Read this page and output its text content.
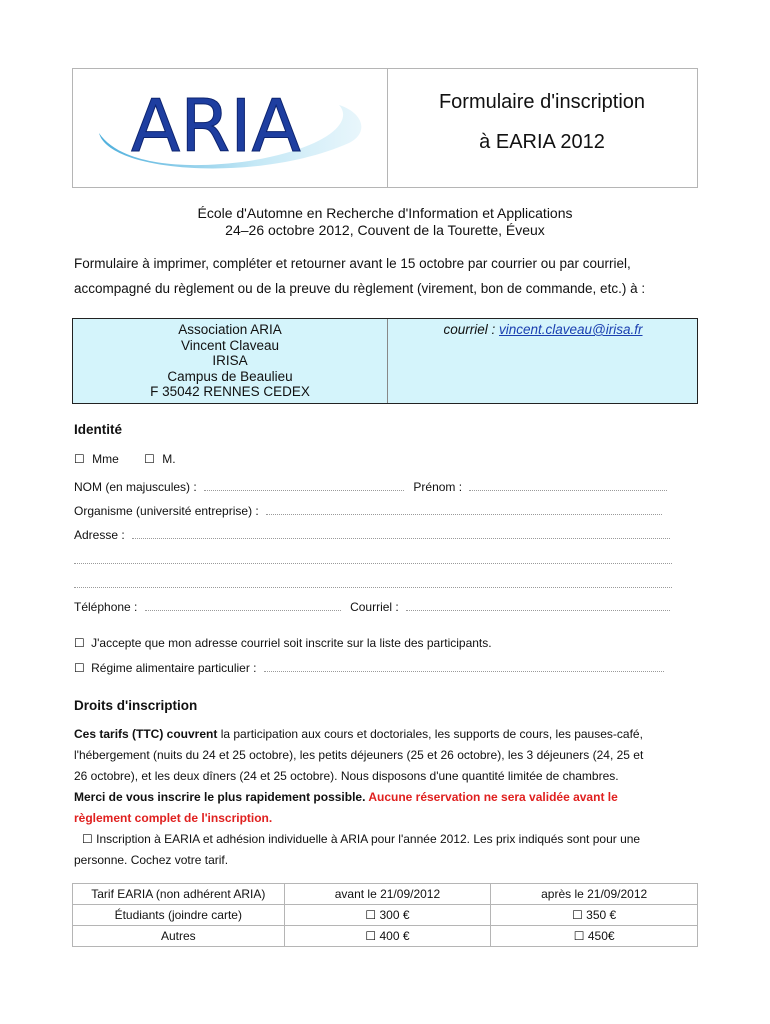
ARIA	Formulaire d'inscription
à EARIA 2012
École d'Automne en Recherche d'Information et Applications
24–26 octobre 2012, Couvent de la Tourette, Éveux
Formulaire à imprimer, compléter et retourner avant le 15 octobre par courrier ou par courriel,
accompagné du règlement ou de la preuve du règlement (virement, bon de commande, etc.) à :
Association ARIA
Vincent Claveau
IRISA
Campus de Beaulieu
F 35042 RENNES CEDEX
courriel : vincent.claveau@irisa.fr
Identité
☐ Mme ☐ M.
NOM (en majuscules) :	Prénom :
Organisme (université entreprise) :
Adresse :
Téléphone :	Courriel :
☐ J'accepte que mon adresse courriel soit inscrite sur la liste des participants.
☐ Régime alimentaire particulier :
Droits d'inscription
Ces tarifs (TTC) couvrent la participation aux cours et doctoriales, les supports de cours, les pauses-café,
l'hébergement (nuits du 24 et 25 octobre), les petits déjeuners (25 et 26 octobre), les 3 déjeuners (24, 25 et
26 octobre), et les deux dîners (24 et 25 octobre). Nous disposons d'une quantité limitée de chambres.
Merci de vous inscrire le plus rapidement possible. Aucune réservation ne sera validée avant le
règlement complet de l'inscription.
☐ Inscription à EARIA et adhésion individuelle à ARIA pour l'année 2012. Les prix indiqués sont pour une
personne. Cochez votre tarif.
Tarif EARIA (non adhérent ARIA)	avant le 21/09/2012	après le 21/09/2012
Étudiants (joindre carte)	☐ 300 €	☐ 350 €
Autres	☐ 400 €	☐ 450€
